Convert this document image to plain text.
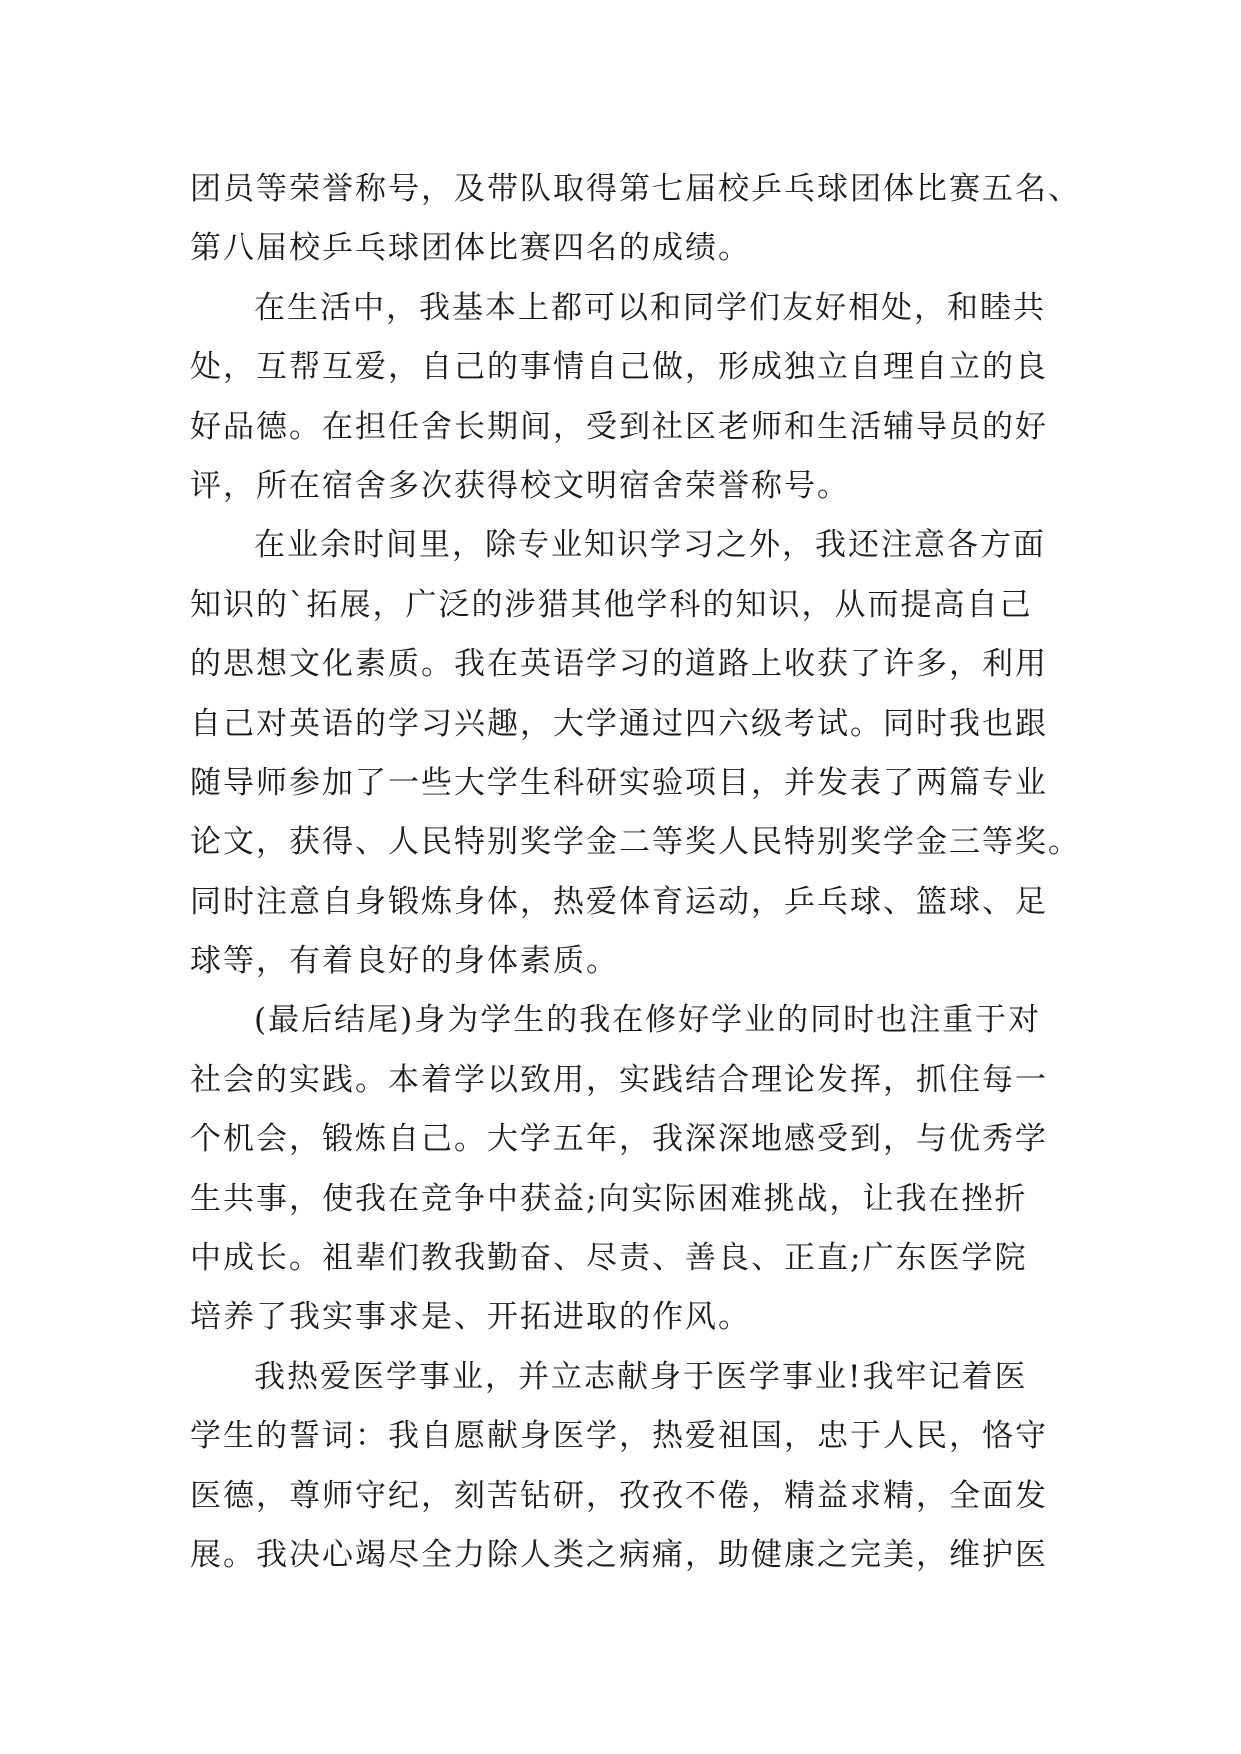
团员等荣誉称号，及带队取得第七届校乒乓球团体比赛五名、
第八届校乒乓球团体比赛四名的成绩。
在生活中，我基本上都可以和同学们友好相处，和睦共
处，互帮互爱，自己的事情自己做，形成独立自理自立的良
好品德。在担任舍长期间，受到社区老师和生活辅导员的好
评，所在宿舍多次获得校文明宿舍荣誉称号。
在业余时间里，除专业知识学习之外，我还注意各方面
知识的`拓展，广泛的涉猎其他学科的知识，从而提高自己
的思想文化素质。我在英语学习的道路上收获了许多，利用
自己对英语的学习兴趣，大学通过四六级考试。同时我也跟
随导师参加了一些大学生科研实验项目，并发表了两篇专业
论文，获得、人民特别奖学金二等奖人民特别奖学金三等奖。
同时注意自身锻炼身体，热爱体育运动，乒乓球、篮球、足
球等，有着良好的身体素质。
(最后结尾)身为学生的我在修好学业的同时也注重于对
社会的实践。本着学以致用，实践结合理论发挥，抓住每一
个机会，锻炼自己。大学五年，我深深地感受到，与优秀学
生共事，使我在竞争中获益;向实际困难挑战，让我在挫折
中成长。祖辈们教我勤奋、尽责、善良、正直;广东医学院
培养了我实事求是、开拓进取的作风。
我热爱医学事业，并立志献身于医学事业!我牢记着医
学生的誓词：我自愿献身医学，热爱祖国，忠于人民，恪守
医德，尊师守纪，刻苦钻研，孜孜不倦，精益求精，全面发
展。我决心竭尽全力除人类之病痛，助健康之完美，维护医
